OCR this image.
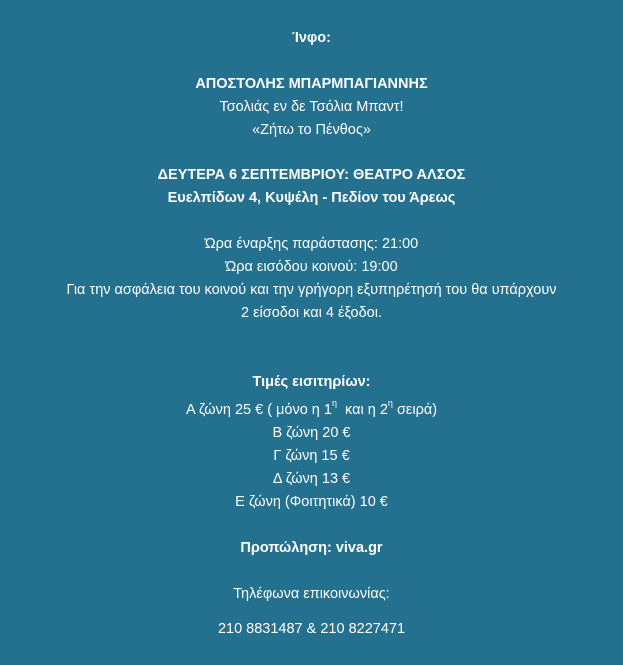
Ίνφο:
ΑΠΟΣΤΟΛΗΣ ΜΠΑΡΜΠΑΓΙΑΝΝΗΣ
Τσολιάς εν δε Τσόλια Μπαντ!
«Ζήτω το Πένθος»
ΔΕΥΤΕΡΑ 6 ΣΕΠΤΕΜΒΡΙΟΥ: ΘΕΑΤΡΟ ΑΛΣΟΣ
Ευελπίδων 4, Κυψέλη - Πεδίον του Άρεως
Ώρα έναρξης παράστασης: 21:00
Ώρα εισόδου κοινού: 19:00
Για την ασφάλεια του κοινού και την γρήγορη εξυπηρέτησή του θα υπάρχουν
2 είσοδοι και 4 έξοδοι.
Τιμές εισιτηρίων:
Α ζώνη 25 € ( μόνο η $1^\eta$  και η $2^\eta$ σειρά)
Β ζώνη 20 €
Γ ζώνη 15 €
Δ ζώνη 13 €
Ε ζώνη (Φοιτητικά) 10 €
Προπώληση: viva.gr
Τηλέφωνα επικοινωνίας:
210 8831487 & 210 8227471
